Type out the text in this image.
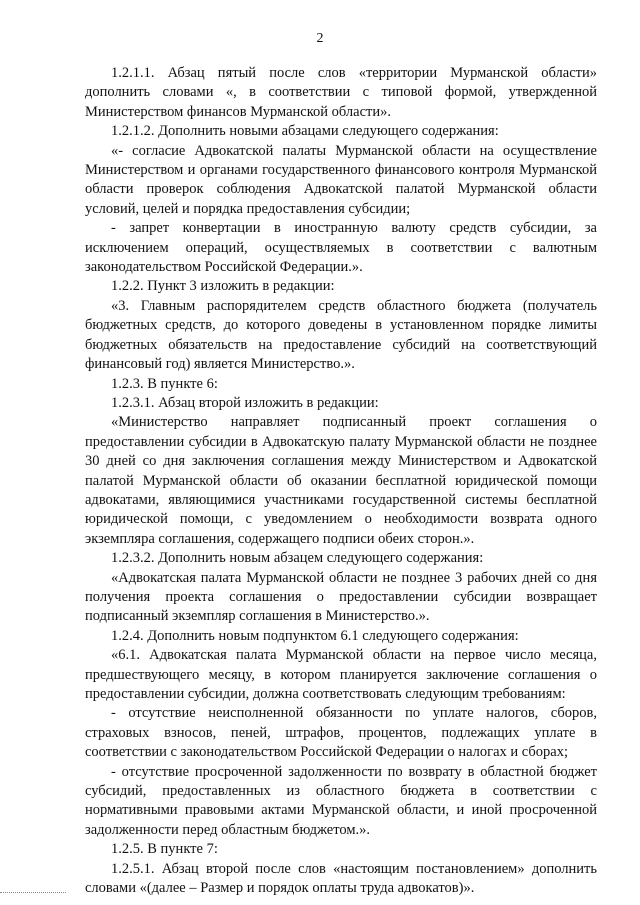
2

1.2.1.1. Абзац пятый после слов «территории Мурманской области» дополнить словами «, в соответствии с типовой формой, утвержденной Министерством финансов Мурманской области».

1.2.1.2. Дополнить новыми абзацами следующего содержания:

«- согласие Адвокатской палаты Мурманской области на осуществление Министерством и органами государственного финансового контроля Мурманской области проверок соблюдения Адвокатской палатой Мурманской области условий, целей и порядка предоставления субсидии;

- запрет конвертации в иностранную валюту средств субсидии, за исключением операций, осуществляемых в соответствии с валютным законодательством Российской Федерации.».

1.2.2. Пункт 3 изложить в редакции:

«3. Главным распорядителем средств областного бюджета (получатель бюджетных средств, до которого доведены в установленном порядке лимиты бюджетных обязательств на предоставление субсидий на соответствующий финансовый год) является Министерство.».

1.2.3. В пункте 6:

1.2.3.1. Абзац второй изложить в редакции:

«Министерство направляет подписанный проект соглашения о предоставлении субсидии в Адвокатскую палату Мурманской области не позднее 30 дней со дня заключения соглашения между Министерством и Адвокатской палатой Мурманской области об оказании бесплатной юридической помощи адвокатами, являющимися участниками государственной системы бесплатной юридической помощи, с уведомлением о необходимости возврата одного экземпляра соглашения, содержащего подписи обеих сторон.».

1.2.3.2. Дополнить новым абзацем следующего содержания:

«Адвокатская палата Мурманской области не позднее 3 рабочих дней со дня получения проекта соглашения о предоставлении субсидии возвращает подписанный экземпляр соглашения в Министерство.».

1.2.4. Дополнить новым подпунктом 6.1 следующего содержания:

«6.1. Адвокатская палата Мурманской области на первое число месяца, предшествующего месяцу, в котором планируется заключение соглашения о предоставлении субсидии, должна соответствовать следующим требованиям:

- отсутствие неисполненной обязанности по уплате налогов, сборов, страховых взносов, пеней, штрафов, процентов, подлежащих уплате в соответствии с законодательством Российской Федерации о налогах и сборах;

- отсутствие просроченной задолженности по возврату в областной бюджет субсидий, предоставленных из областного бюджета в соответствии с нормативными правовыми актами Мурманской области, и иной просроченной задолженности перед областным бюджетом.».

1.2.5. В пункте 7:

1.2.5.1. Абзац второй после слов «настоящим постановлением» дополнить словами «(далее – Размер и порядок оплаты труда адвокатов)».
